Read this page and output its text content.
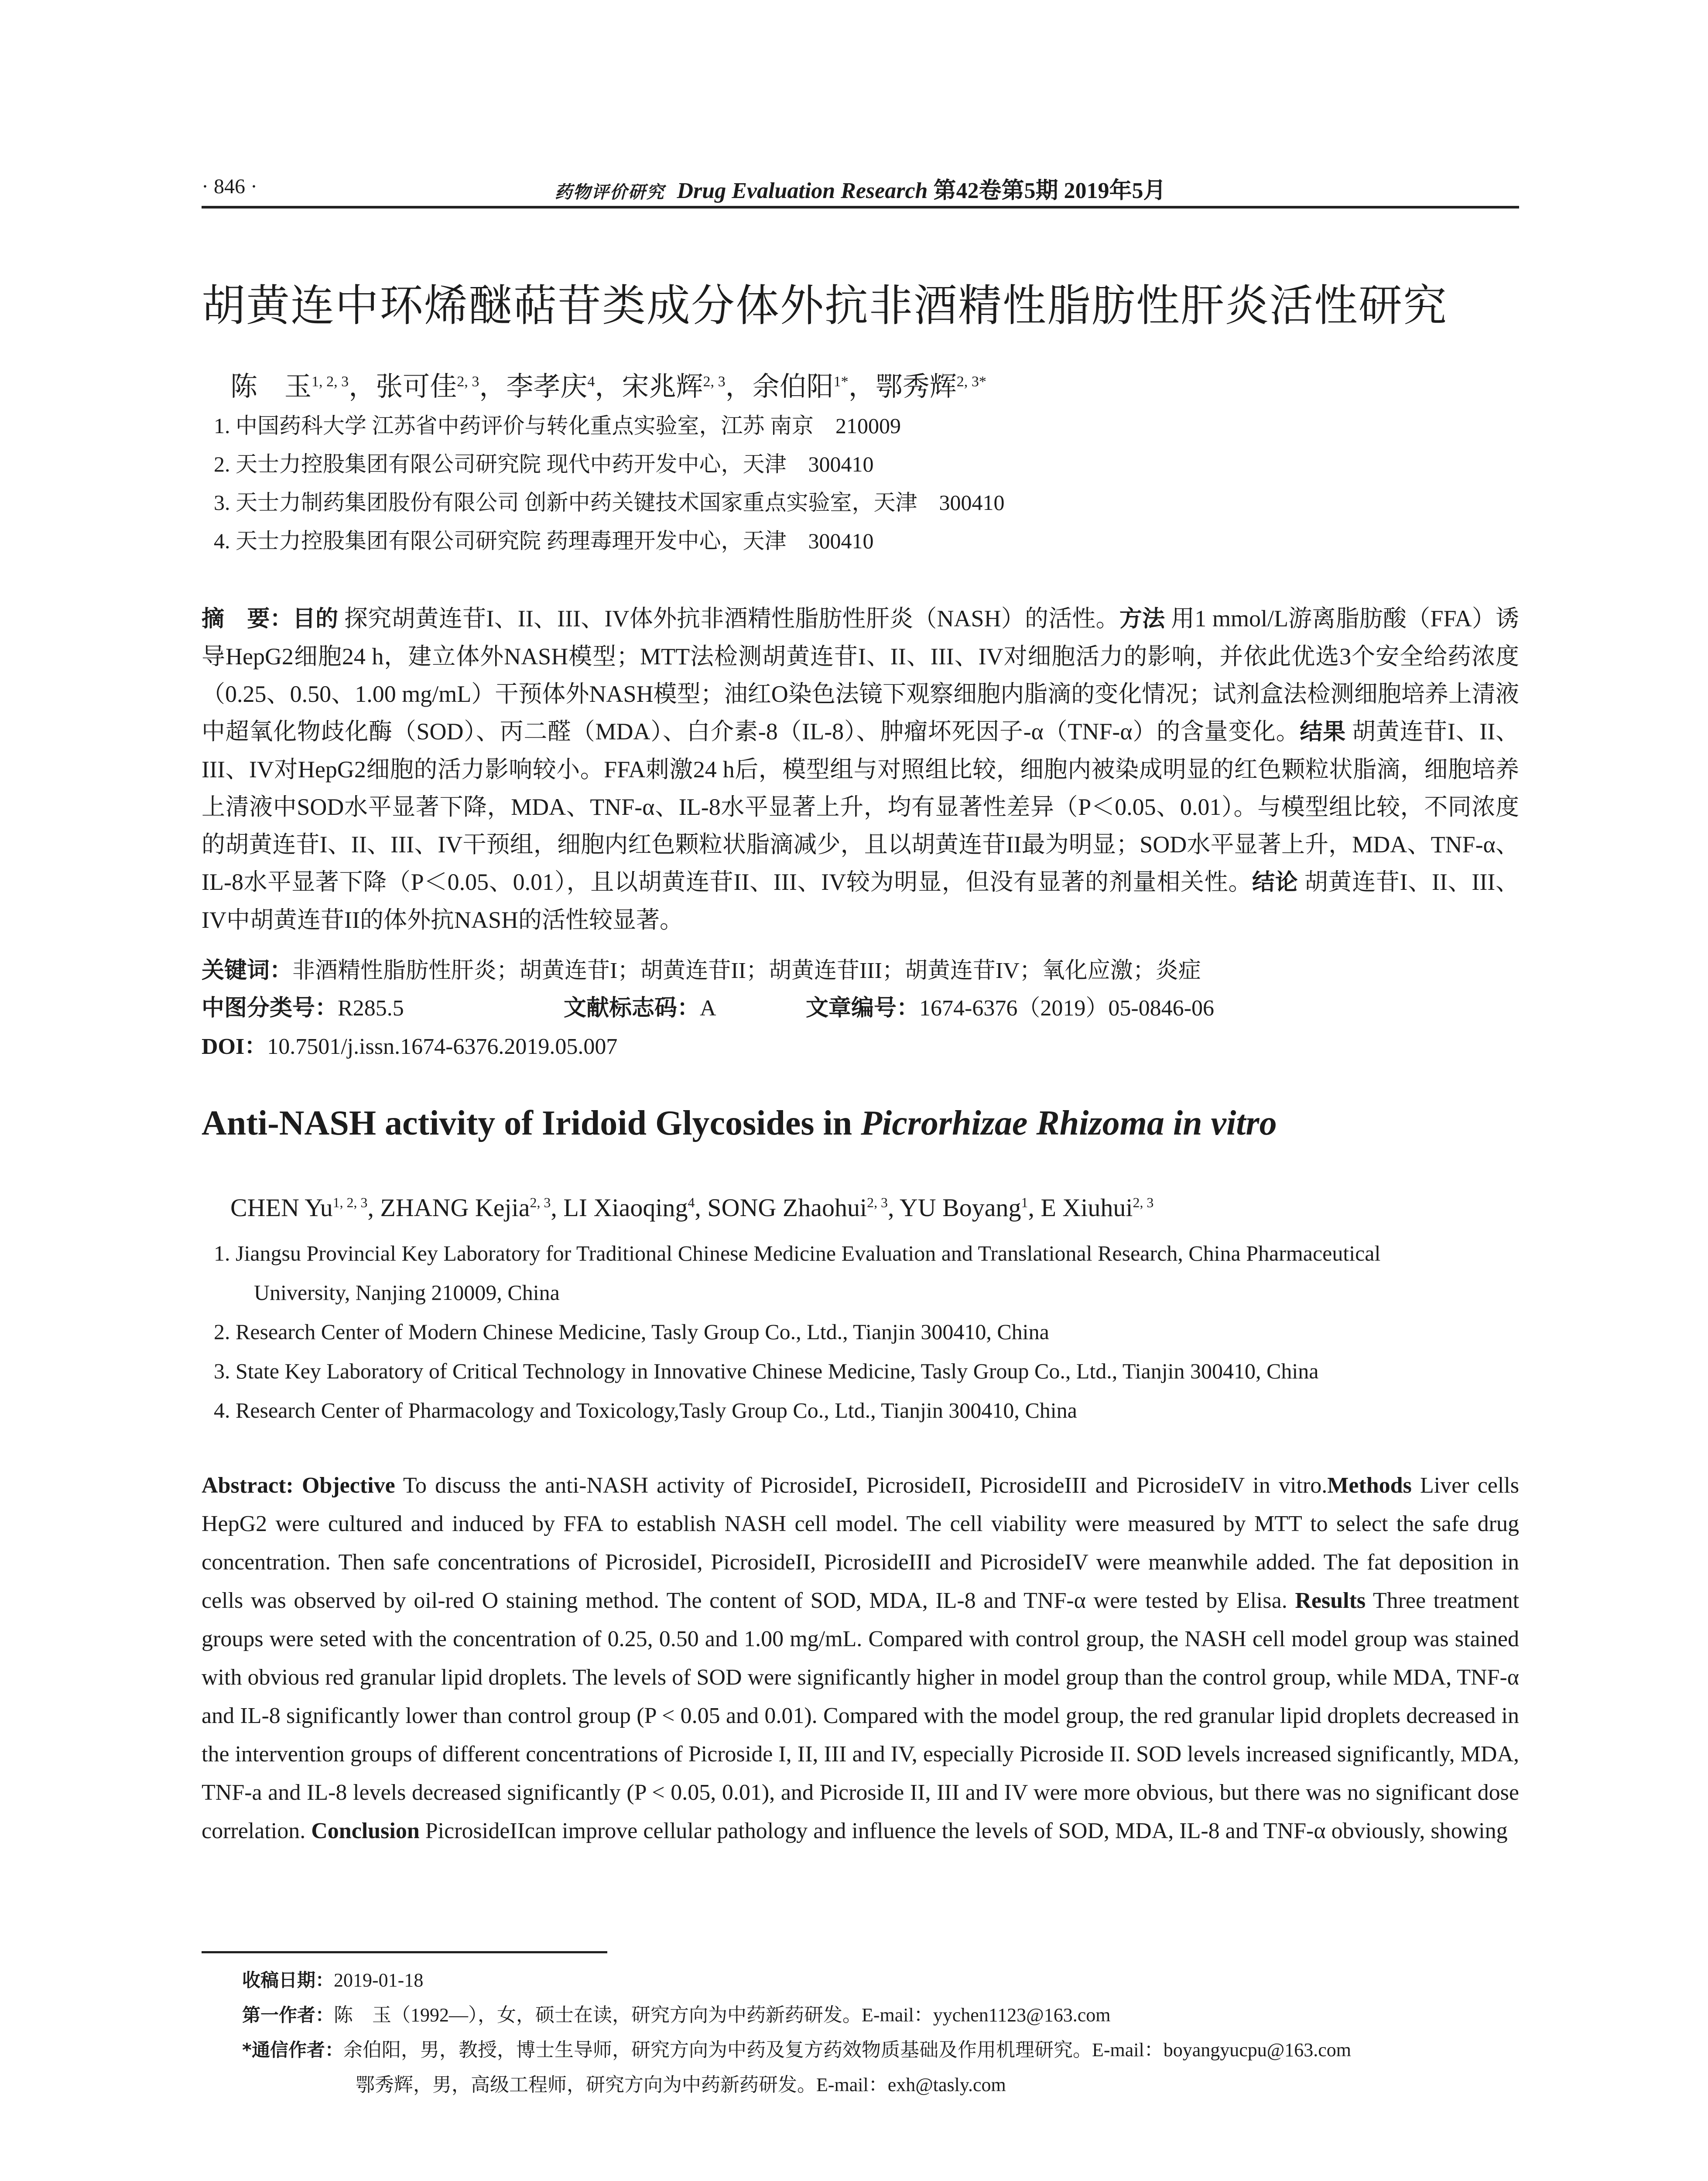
· 846 ·	药物评价研究 Drug Evaluation Research 第42卷第5期 2019年5月
胡黄连中环烯醚萜苷类成分体外抗非酒精性脂肪性肝炎活性研究
陈　玉$^{1, 2, 3}$，张可佳$^{2, 3}$，李孝庆$^4$，宋兆辉$^{2, 3}$，余伯阳$^{1*}$，鄂秀辉$^{2, 3*}$
1. 中国药科大学 江苏省中药评价与转化重点实验室，江苏 南京　210009
2. 天士力控股集团有限公司研究院 现代中药开发中心，天津　300410
3. 天士力制药集团股份有限公司 创新中药关键技术国家重点实验室，天津　300410
4. 天士力控股集团有限公司研究院 药理毒理开发中心，天津　300410
摘　要：目的 探究胡黄连苷I、II、III、IV体外抗非酒精性脂肪性肝炎（NASH）的活性。方法 用1 mmol/L游离脂肪酸（FFA）诱导HepG2细胞24 h，建立体外NASH模型；MTT法检测胡黄连苷I、II、III、IV对细胞活力的影响，并依此优选3个安全给药浓度（0.25、0.50、1.00 mg/mL）干预体外NASH模型；油红O染色法镜下观察细胞内脂滴的变化情况；试剂盒法检测细胞培养上清液中超氧化物歧化酶（SOD）、丙二醛（MDA）、白介素-8（IL-8）、肿瘤坏死因子-α（TNF-α）的含量变化。结果 胡黄连苷I、II、III、IV对HepG2细胞的活力影响较小。FFA刺激24 h后，模型组与对照组比较，细胞内被染成明显的红色颗粒状脂滴，细胞培养上清液中SOD水平显著下降，MDA、TNF-α、IL-8水平显著上升，均有显著性差异（P＜0.05、0.01）。与模型组比较，不同浓度的胡黄连苷I、II、III、IV干预组，细胞内红色颗粒状脂滴减少，且以胡黄连苷II最为明显；SOD水平显著上升，MDA、TNF-α、IL-8水平显著下降（P＜0.05、0.01），且以胡黄连苷II、III、IV较为明显，但没有显著的剂量相关性。结论 胡黄连苷I、II、III、IV中胡黄连苷II的体外抗NASH的活性较显著。
关键词：非酒精性脂肪性肝炎；胡黄连苷I；胡黄连苷II；胡黄连苷III；胡黄连苷IV；氧化应激；炎症
中图分类号：R285.5	文献标志码：A	文章编号：1674-6376（2019）05-0846-06
DOI：10.7501/j.issn.1674-6376.2019.05.007
Anti-NASH activity of Iridoid Glycosides in Picrorhizae Rhizoma in vitro
CHEN Yu$^{1, 2, 3}$, ZHANG Kejia$^{2, 3}$, LI Xiaoqing$^4$, SONG Zhaohui$^{2, 3}$, YU Boyang$^1$, E Xiuhui$^{2, 3}$
1. Jiangsu Provincial Key Laboratory for Traditional Chinese Medicine Evaluation and Translational Research, China Pharmaceutical
University, Nanjing 210009, China
2. Research Center of Modern Chinese Medicine, Tasly Group Co., Ltd., Tianjin 300410, China
3. State Key Laboratory of Critical Technology in Innovative Chinese Medicine, Tasly Group Co., Ltd., Tianjin 300410, China
4. Research Center of Pharmacology and Toxicology,Tasly Group Co., Ltd., Tianjin 300410, China
Abstract: Objective To discuss the anti-NASH activity of PicrosideI, PicrosideII, PicrosideIII and PicrosideIV in vitro.Methods Liver cells HepG2 were cultured and induced by FFA to establish NASH cell model. The cell viability were measured by MTT to select the safe drug concentration. Then safe concentrations of PicrosideI, PicrosideII, PicrosideIII and PicrosideIV were meanwhile added. The fat deposition in cells was observed by oil-red O staining method. The content of SOD, MDA, IL-8 and TNF-α were tested by Elisa. Results Three treatment groups were seted with the concentration of 0.25, 0.50 and 1.00 mg/mL. Compared with control group, the NASH cell model group was stained with obvious red granular lipid droplets. The levels of SOD were significantly higher in model group than the control group, while MDA, TNF-α and IL-8 significantly lower than control group (P < 0.05 and 0.01). Compared with the model group, the red granular lipid droplets decreased in the intervention groups of different concentrations of Picroside I, II, III and IV, especially Picroside II. SOD levels increased significantly, MDA, TNF-a and IL-8 levels decreased significantly (P < 0.05, 0.01), and Picroside II, III and IV were more obvious, but there was no significant dose correlation. Conclusion PicrosideIIcan improve cellular pathology and influence the levels of SOD, MDA, IL-8 and TNF-α obviously, showing
收稿日期：2019-01-18
第一作者：陈　玉（1992—），女，硕士在读，研究方向为中药新药研发。E-mail：yychen1123@163.com
*通信作者：余伯阳，男，教授，博士生导师，研究方向为中药及复方药效物质基础及作用机理研究。E-mail：boyangyucpu@163.com
鄂秀辉，男，高级工程师，研究方向为中药新药研发。E-mail：exh@tasly.com
